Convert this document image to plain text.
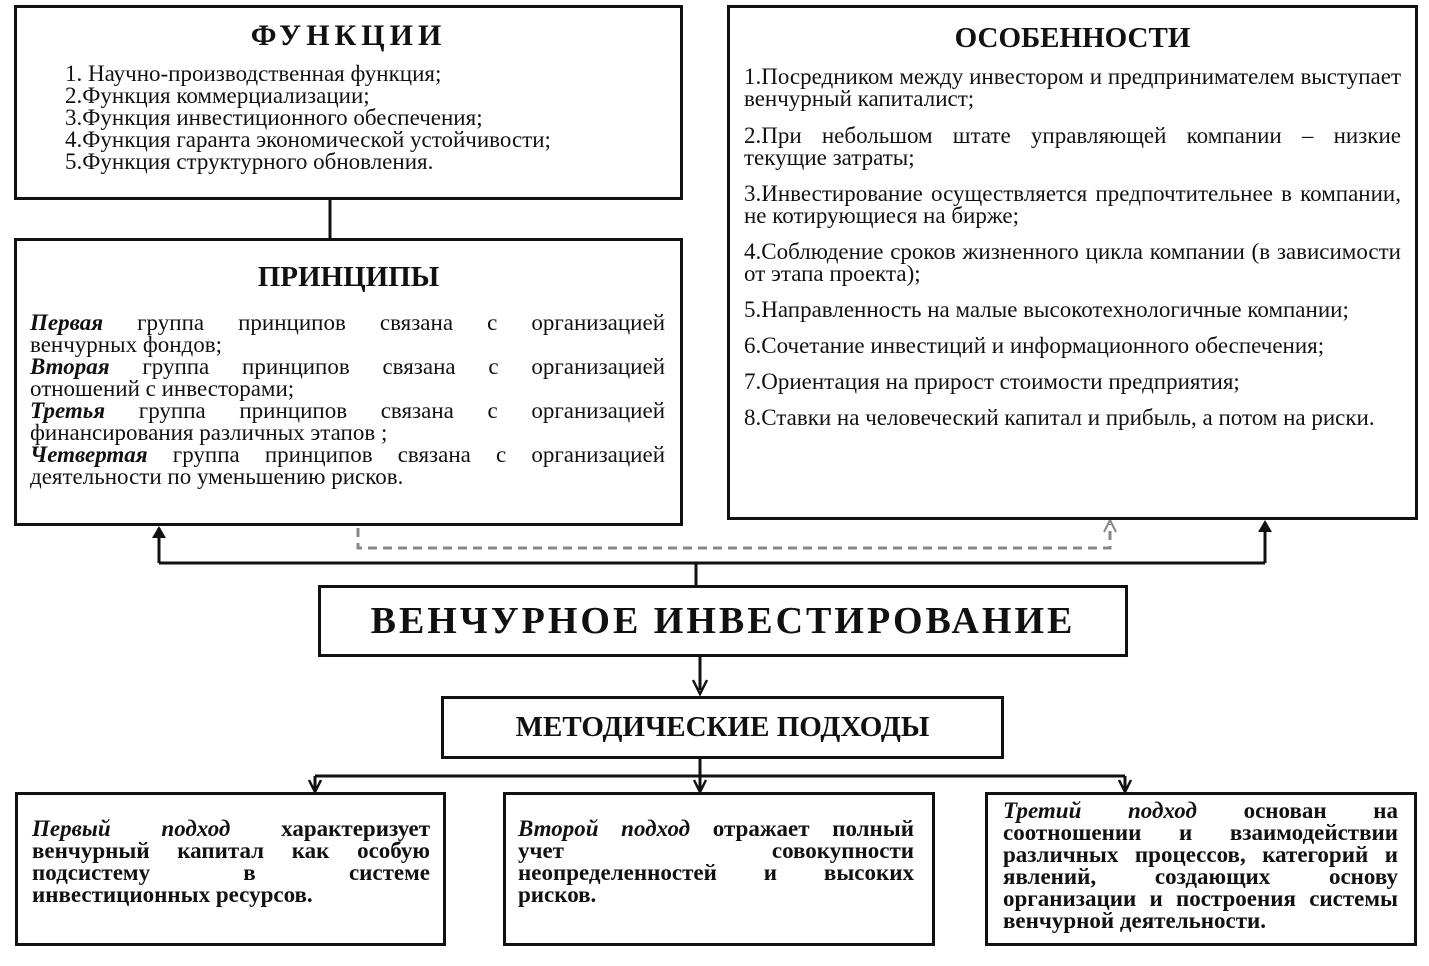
ФУНКЦИИ
1. Научно-производственная функция;
2.Функция коммерциализации;
3.Функция инвестиционного обеспечения;
4.Функция гаранта экономической устойчивости;
5.Функция структурного обновления.
ПРИНЦИПЫ
Первая группа принципов связана с организацией
венчурных фондов;
Вторая группа принципов связана с организацией
отношений с инвесторами;
Третья группа принципов связана с организацией
финансирования различных этапов ;
Четвертая группа принципов связана с организацией
деятельности по уменьшению рисков.
ОСОБЕННОСТИ
1.Посредником между инвестором и предпринимателем выступает венчурный капиталист;
2.При небольшом штате управляющей компании – низкие текущие затраты;
3.Инвестирование осуществляется предпочтительнее в компании, не котирующиеся на бирже;
4.Соблюдение сроков жизненного цикла компании (в зависимости от этапа проекта);
5.Направленность на малые высокотехнологичные компании;
6.Сочетание инвестиций и информационного обеспечения;
7.Ориентация на прирост стоимости предприятия;
8.Ставки на человеческий капитал и прибыль, а потом на риски.
ВЕНЧУРНОЕ ИНВЕСТИРОВАНИЕ
МЕТОДИЧЕСКИЕ ПОДХОДЫ
Первый подход характеризует венчурный капитал как особую подсистему в системе инвестиционных ресурсов.
Второй подход отражает полный учет совокупности неопределенностей и высоких рисков.
Третий подход основан на соотношении и взаимодействии различных процессов, категорий и явлений, создающих основу организации и построения системы венчурной деятельности.
